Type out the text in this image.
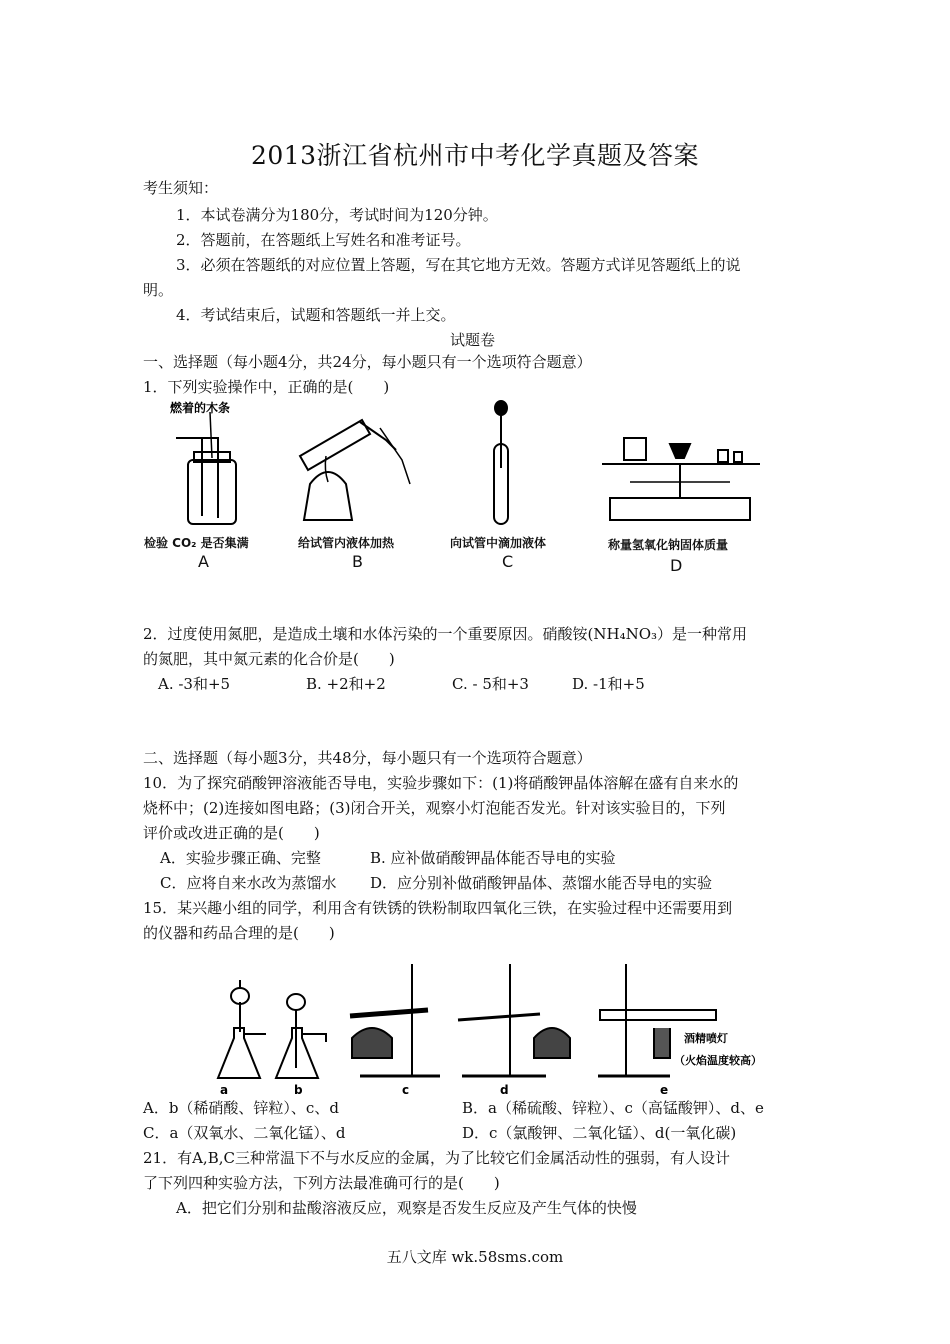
2013浙江省杭州市中考化学真题及答案
考生须知：
1．本试卷满分为180分，考试时间为120分钟。
2．答题前，在答题纸上写姓名和准考证号。
3．必须在答题纸的对应位置上答题，写在其它地方无效。答题方式详见答题纸上的说
明。
4．考试结束后，试题和答题纸一并上交。
试题卷
一、选择题（每小题4分，共24分，每小题只有一个选项符合题意）
1．下列实验操作中，正确的是(　　)
燃着的木条
检验 CO₂ 是否集满	给试管内液体加热	向试管中滴加液体	称量氢氧化钠固体质量
A	B	C	D
2．过度使用氮肥，是造成土壤和水体污染的一个重要原因。硝酸铵(NH₄NO₃）是一种常用
的氮肥，其中氮元素的化合价是(　　)
A. -3和+5	B. +2和+2	C. - 5和+3	D. -1和+5
二、选择题（每小题3分，共48分，每小题只有一个选项符合题意）
10．为了探究硝酸钾溶液能否导电，实验步骤如下：(1)将硝酸钾晶体溶解在盛有自来水的
烧杯中；(2)连接如图电路；(3)闭合开关，观察小灯泡能否发光。针对该实验目的，下列
评价或改进正确的是(　　)
A．实验步骤正确、完整	B. 应补做硝酸钾晶体能否导电的实验
C．应将自来水改为蒸馏水 D．应分别补做硝酸钾晶体、蒸馏水能否导电的实验
15．某兴趣小组的同学，利用含有铁锈的铁粉制取四氧化三铁，在实验过程中还需要用到
的仪器和药品合理的是(　　)
a	b	c	d	e
酒精喷灯
（火焰温度较高）
A．b（稀硝酸、锌粒）、c、d	B．a（稀硫酸、锌粒）、c（高锰酸钾）、d、e
C．a（双氧水、二氧化锰）、d	D．c（氯酸钾、二氧化锰）、d(一氧化碳)
21．有A,B,C三种常温下不与水反应的金属，为了比较它们金属活动性的强弱，有人设计
了下列四种实验方法，下列方法最准确可行的是(　　)
A．把它们分别和盐酸溶液反应，观察是否发生反应及产生气体的快慢
五八文库 wk.58sms.com
